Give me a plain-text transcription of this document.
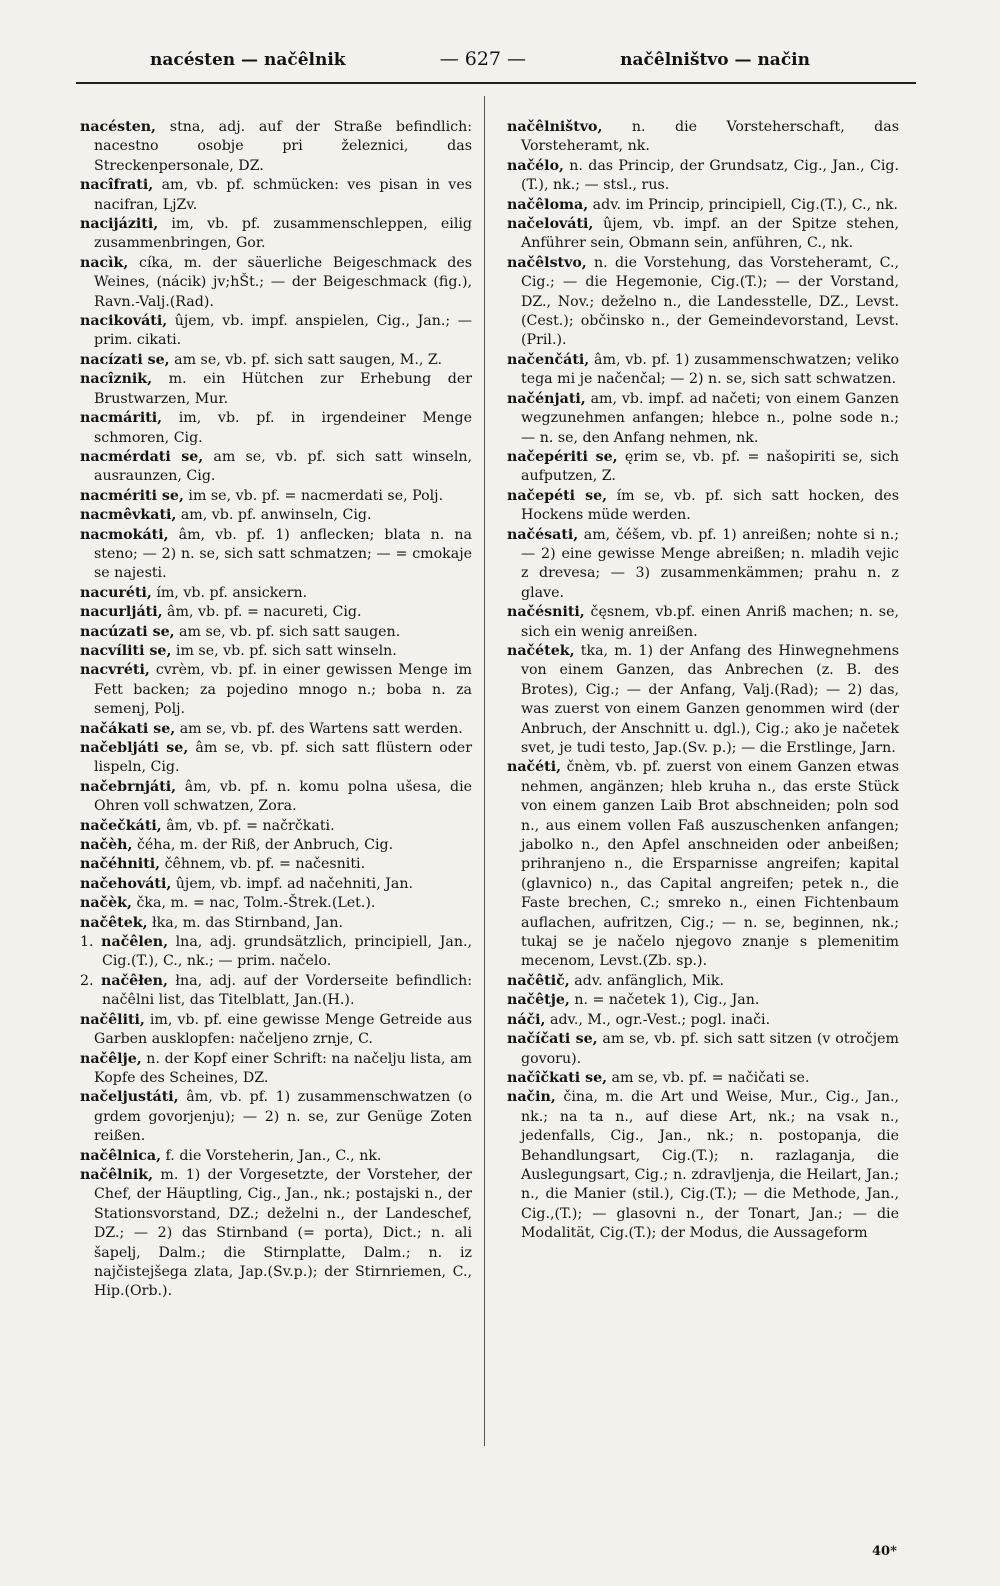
nacésten — načêlnik	— 627 —	načêlništvo — način

nacésten, stna, adj. auf der Straße befindlich: nacestno osobje pri železnici, das Streckenpersonale, DZ.

nacîfrati, am, vb. pf. schmücken: ves pisan in ves nacifran, LjZv.

nacijáziti, im, vb. pf. zusammenschleppen, eilig zusammenbringen, Gor.

nacìk, cíka, m. der säuerliche Beigeschmack des Weines, (nácik) jv;hŠt.; — der Beigeschmack (fig.), Ravn.-Valj.(Rad).

nacikováti, ûjem, vb. impf. anspielen, Cig., Jan.; — prim. cikati.

nacízati se, am se, vb. pf. sich satt saugen, M., Z.

nacîznik, m. ein Hütchen zur Erhebung der Brustwarzen, Mur.

nacmáriti, im, vb. pf. in irgendeiner Menge schmoren, Cig.

nacmérdati se, am se, vb. pf. sich satt winseln, ausraunzen, Cig.

nacmériti se, im se, vb. pf. = nacmerdati se, Polj.

nacmêvkati, am, vb. pf. anwinseln, Cig.

nacmokáti, âm, vb. pf. 1) anflecken; blata n. na steno; — 2) n. se, sich satt schmatzen; — = cmokaje se najesti.

nacuréti, ím, vb. pf. ansickern.

nacurljáti, âm, vb. pf. = nacureti, Cig.

nacúzati se, am se, vb. pf. sich satt saugen.

nacvíliti se, im se, vb. pf. sich satt winseln.

nacvréti, cvrèm, vb. pf. in einer gewissen Menge im Fett backen; za pojedino mnogo n.; boba n. za semenj, Polj.

načákati se, am se, vb. pf. des Wartens satt werden.

načebljáti se, âm se, vb. pf. sich satt flüstern oder lispeln, Cig.

načebrnjáti, âm, vb. pf. n. komu polna ušesa, die Ohren voll schwatzen, Zora.

načečkáti, âm, vb. pf. = načrčkati.

načèh, čéha, m. der Riß, der Anbruch, Cig.

načéhniti, čêhnem, vb. pf. = načesniti.

načehováti, ûjem, vb. impf. ad načehniti, Jan.

načèk, čka, m. = nac, Tolm.-Štrek.(Let.).

načêtek, łka, m. das Stirnband, Jan.

1. načêlen, lna, adj. grundsätzlich, principiell, Jan., Cig.(T.), C., nk.; — prim. načelo.

2. načêłen, łna, adj. auf der Vorderseite befindlich: načêlni list, das Titelblatt, Jan.(H.).

načêliti, im, vb. pf. eine gewisse Menge Getreide aus Garben ausklopfen: načeljeno zrnje, C.

načêlje, n. der Kopf einer Schrift: na načelju lista, am Kopfe des Scheines, DZ.

načeljustáti, âm, vb. pf. 1) zusammenschwatzen (o grdem govorjenju); — 2) n. se, zur Genüge Zoten reißen.

načêlnica, f. die Vorsteherin, Jan., C., nk.

načêlnik, m. 1) der Vorgesetzte, der Vorsteher, der Chef, der Häuptling, Cig., Jan., nk.; postajski n., der Stationsvorstand, DZ.; deželni n., der Landeschef, DZ.; — 2) das Stirnband (= porta), Dict.; n. ali šapelj, Dalm.; die Stirnplatte, Dalm.; n. iz najčistejšega zlata, Jap.(Sv.p.); der Stirnriemen, C., Hip.(Orb.).

načêlništvo, n. die Vorsteherschaft, das Vorsteheramt, nk.

načélo, n. das Princip, der Grundsatz, Cig., Jan., Cig.(T.), nk.; — stsl., rus.

načêloma, adv. im Princip, principiell, Cig.(T.), C., nk.

načelováti, ûjem, vb. impf. an der Spitze stehen, Anführer sein, Obmann sein, anführen, C., nk.

načêlstvo, n. die Vorstehung, das Vorsteheramt, C., Cig.; — die Hegemonie, Cig.(T.); — der Vorstand, DZ., Nov.; deželno n., die Landesstelle, DZ., Levst.(Cest.); občinsko n., der Gemeindevorstand, Levst.(Pril.).

načenčáti, âm, vb. pf. 1) zusammenschwatzen; veliko tega mi je načenčal; — 2) n. se, sich satt schwatzen.

načénjati, am, vb. impf. ad načeti; von einem Ganzen wegzunehmen anfangen; hlebce n., polne sode n.; — n. se, den Anfang nehmen, nk.

načepériti se, ęrim se, vb. pf. = našopiriti se, sich aufputzen, Z.

načepéti se, ím se, vb. pf. sich satt hocken, des Hockens müde werden.

načésati, am, čéšem, vb. pf. 1) anreißen; nohte si n.; — 2) eine gewisse Menge abreißen; n. mladih vejic z drevesa; — 3) zusammenkämmen; prahu n. z glave.

načésniti, čęsnem, vb.pf. einen Anriß machen; n. se, sich ein wenig anreißen.

načétek, tka, m. 1) der Anfang des Hinwegnehmens von einem Ganzen, das Anbrechen (z. B. des Brotes), Cig.; — der Anfang, Valj.(Rad); — 2) das, was zuerst von einem Ganzen genommen wird (der Anbruch, der Anschnitt u. dgl.), Cig.; ako je načetek svet, je tudi testo, Jap.(Sv. p.); — die Erstlinge, Jarn.

načéti, čnèm, vb. pf. zuerst von einem Ganzen etwas nehmen, angänzen; hleb kruha n., das erste Stück von einem ganzen Laib Brot abschneiden; poln sod n., aus einem vollen Faß auszuschenken anfangen; jabolko n., den Apfel anschneiden oder anbeißen; prihranjeno n., die Ersparnisse angreifen; kapital (glavnico) n., das Capital angreifen; petek n., die Faste brechen, C.; smreko n., einen Fichtenbaum auflachen, aufritzen, Cig.; — n. se, beginnen, nk.; tukaj se je načelo njegovo znanje s plemenitim mecenom, Levst.(Zb. sp.).

načêtič, adv. anfänglich, Mik.

načêtje, n. = načetek 1), Cig., Jan.

náči, adv., M., ogr.-Vest.; pogl. inači.

načíčati se, am se, vb. pf. sich satt sitzen (v otročjem govoru).

načîčkati se, am se, vb. pf. = načičati se.

način, čina, m. die Art und Weise, Mur., Cig., Jan., nk.; na ta n., auf diese Art, nk.; na vsak n., jedenfalls, Cig., Jan., nk.; n. postopanja, die Behandlungsart, Cig.(T.); n. razlaganja, die Auslegungsart, Cig.; n. zdravljenja, die Heilart, Jan.; n., die Manier (stil.), Cig.(T.); — die Methode, Jan., Cig.,(T.); — glasovni n., der Tonart, Jan.; — die Modalität, Cig.(T.); der Modus, die Aussageform

40*
